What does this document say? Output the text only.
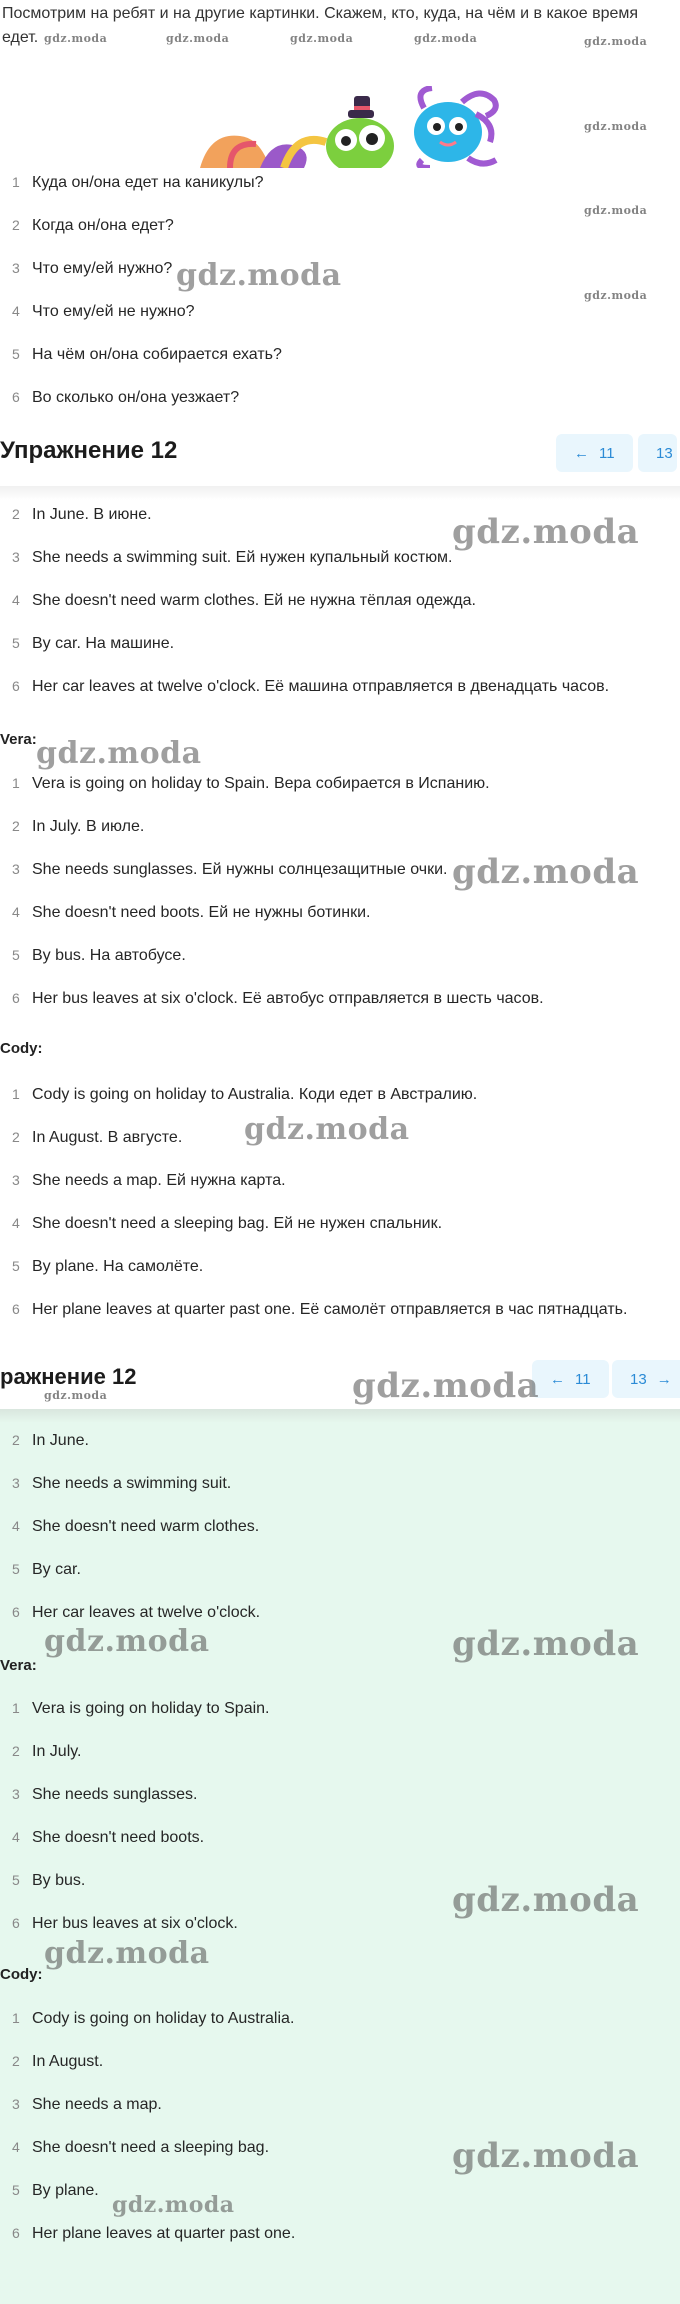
Посмотрим на ребят и на другие картинки. Скажем, кто, куда, на чём и в какое время едет.
1 Куда он/она едет на каникулы?
2 Когда он/она едет?
3 Что ему/ей нужно?
4 Что ему/ей не нужно?
5 На чём он/она собирается ехать?
6 Во сколько он/она уезжает?
Упражнение 12	← 11	13
2 In June. В июне.
3 She needs a swimming suit. Ей нужен купальный костюм.
4 She doesn't need warm clothes. Ей не нужна тёплая одежда.
5 By car. На машине.
6 Her car leaves at twelve o'clock. Её машина отправляется в двенадцать часов.
Vera:
1 Vera is going on holiday to Spain. Вера собирается в Испанию.
2 In July. В июле.
3 She needs sunglasses. Ей нужны солнцезащитные очки.
4 She doesn't need boots. Ей не нужны ботинки.
5 By bus. На автобусе.
6 Her bus leaves at six o'clock. Её автобус отправляется в шесть часов.
Cody:
1 Cody is going on holiday to Australia. Коди едет в Австралию.
2 In August. В августе.
3 She needs a map. Ей нужна карта.
4 She doesn't need a sleeping bag. Ей не нужен спальник.
5 By plane. На самолёте.
6 Her plane leaves at quarter past one. Её самолёт отправляется в час пятнадцать.
ражнение 12	← 11	13 →
2 In June.
3 She needs a swimming suit.
4 She doesn't need warm clothes.
5 By car.
6 Her car leaves at twelve o'clock.
Vera:
1 Vera is going on holiday to Spain.
2 In July.
3 She needs sunglasses.
4 She doesn't need boots.
5 By bus.
6 Her bus leaves at six o'clock.
Cody:
1 Cody is going on holiday to Australia.
2 In August.
3 She needs a map.
4 She doesn't need a sleeping bag.
5 By plane.
6 Her plane leaves at quarter past one.
gdz.moda	gdz.moda	gdz.moda	gdz.moda	gdz.moda
gdz.moda
gdz.moda
gdz.moda
gdz.moda
gdz.moda
gdz.moda
gdz.moda
gdz.moda
gdz.moda
gdz.moda
gdz.moda	gdz.moda
gdz.moda
gdz.moda
gdz.moda
gdz.moda
